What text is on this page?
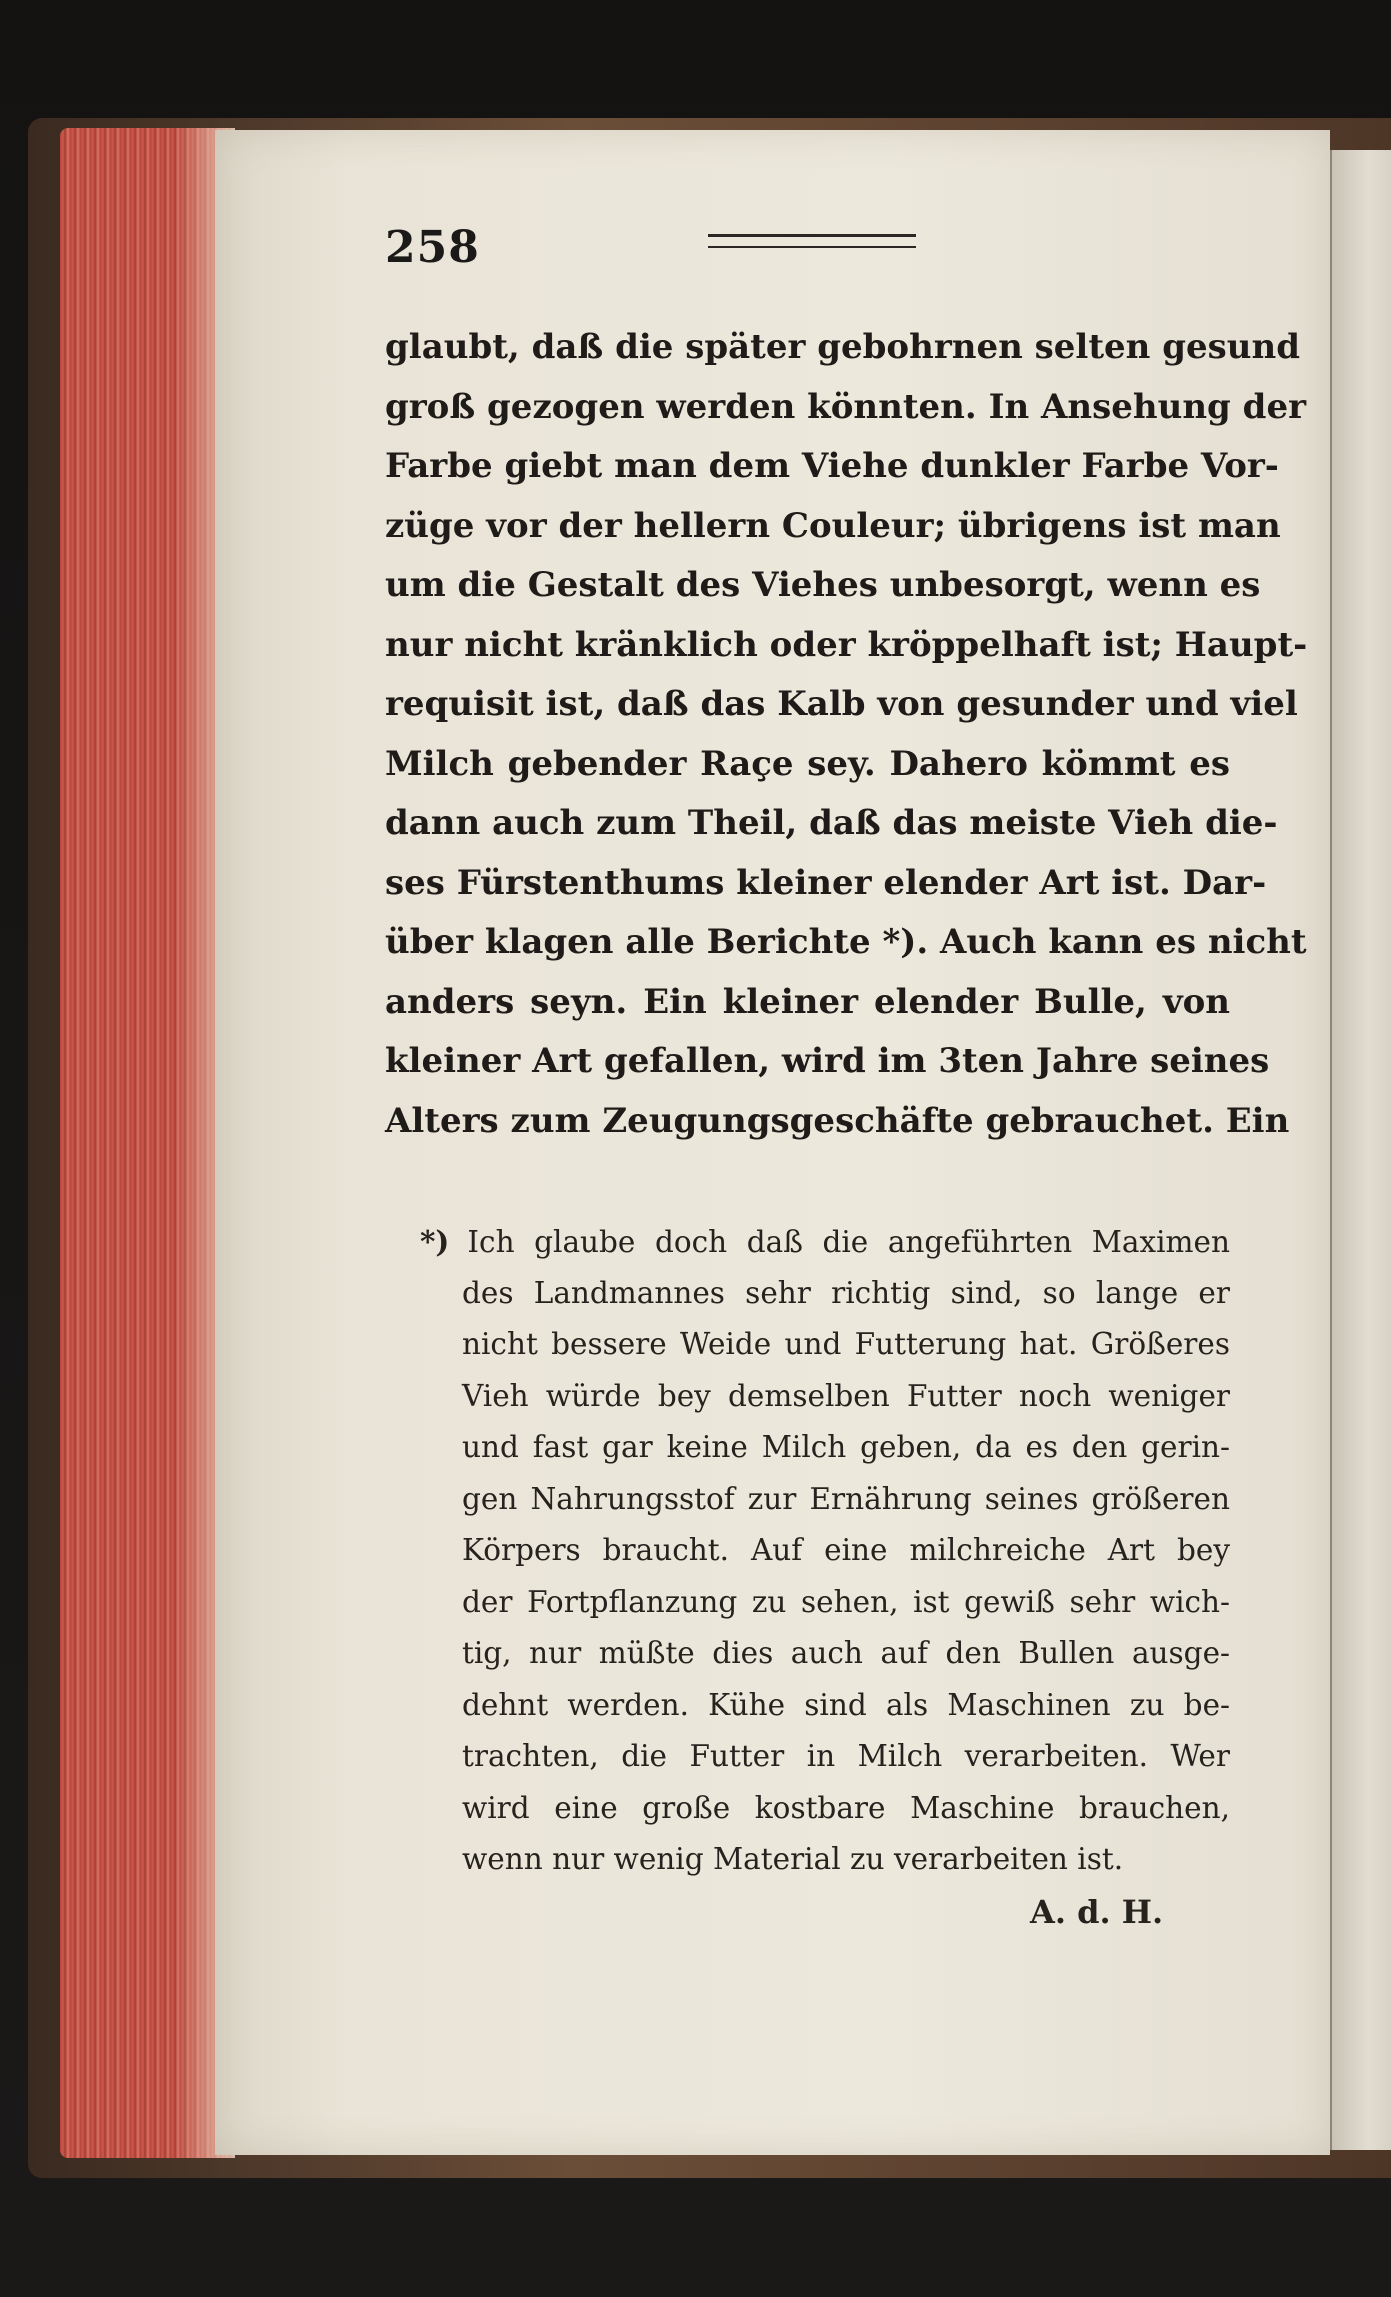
258
glaubt, daß die später gebohrnen selten gesund
groß gezogen werden könnten. In Ansehung der
Farbe giebt man dem Viehe dunkler Farbe Vor-
züge vor der hellern Couleur; übrigens ist man
um die Gestalt des Viehes unbesorgt, wenn es
nur nicht kränklich oder kröppelhaft ist; Haupt-
requisit ist, daß das Kalb von gesunder und viel
Milch gebender Raçe sey. Dahero kömmt es
dann auch zum Theil, daß das meiste Vieh die-
ses Fürstenthums kleiner elender Art ist. Dar-
über klagen alle Berichte *). Auch kann es nicht
anders seyn. Ein kleiner elender Bulle, von
kleiner Art gefallen, wird im 3ten Jahre seines
Alters zum Zeugungsgeschäfte gebrauchet. Ein
*) Ich glaube doch daß die angeführten Maximen
des Landmannes sehr richtig sind, so lange er
nicht bessere Weide und Futterung hat. Größeres
Vieh würde bey demselben Futter noch weniger
und fast gar keine Milch geben, da es den gerin-
gen Nahrungsstof zur Ernährung seines größeren
Körpers braucht. Auf eine milchreiche Art bey
der Fortpflanzung zu sehen, ist gewiß sehr wich-
tig, nur müßte dies auch auf den Bullen ausge-
dehnt werden. Kühe sind als Maschinen zu be-
trachten, die Futter in Milch verarbeiten. Wer
wird eine große kostbare Maschine brauchen,
wenn nur wenig Material zu verarbeiten ist.
A. d. H.
